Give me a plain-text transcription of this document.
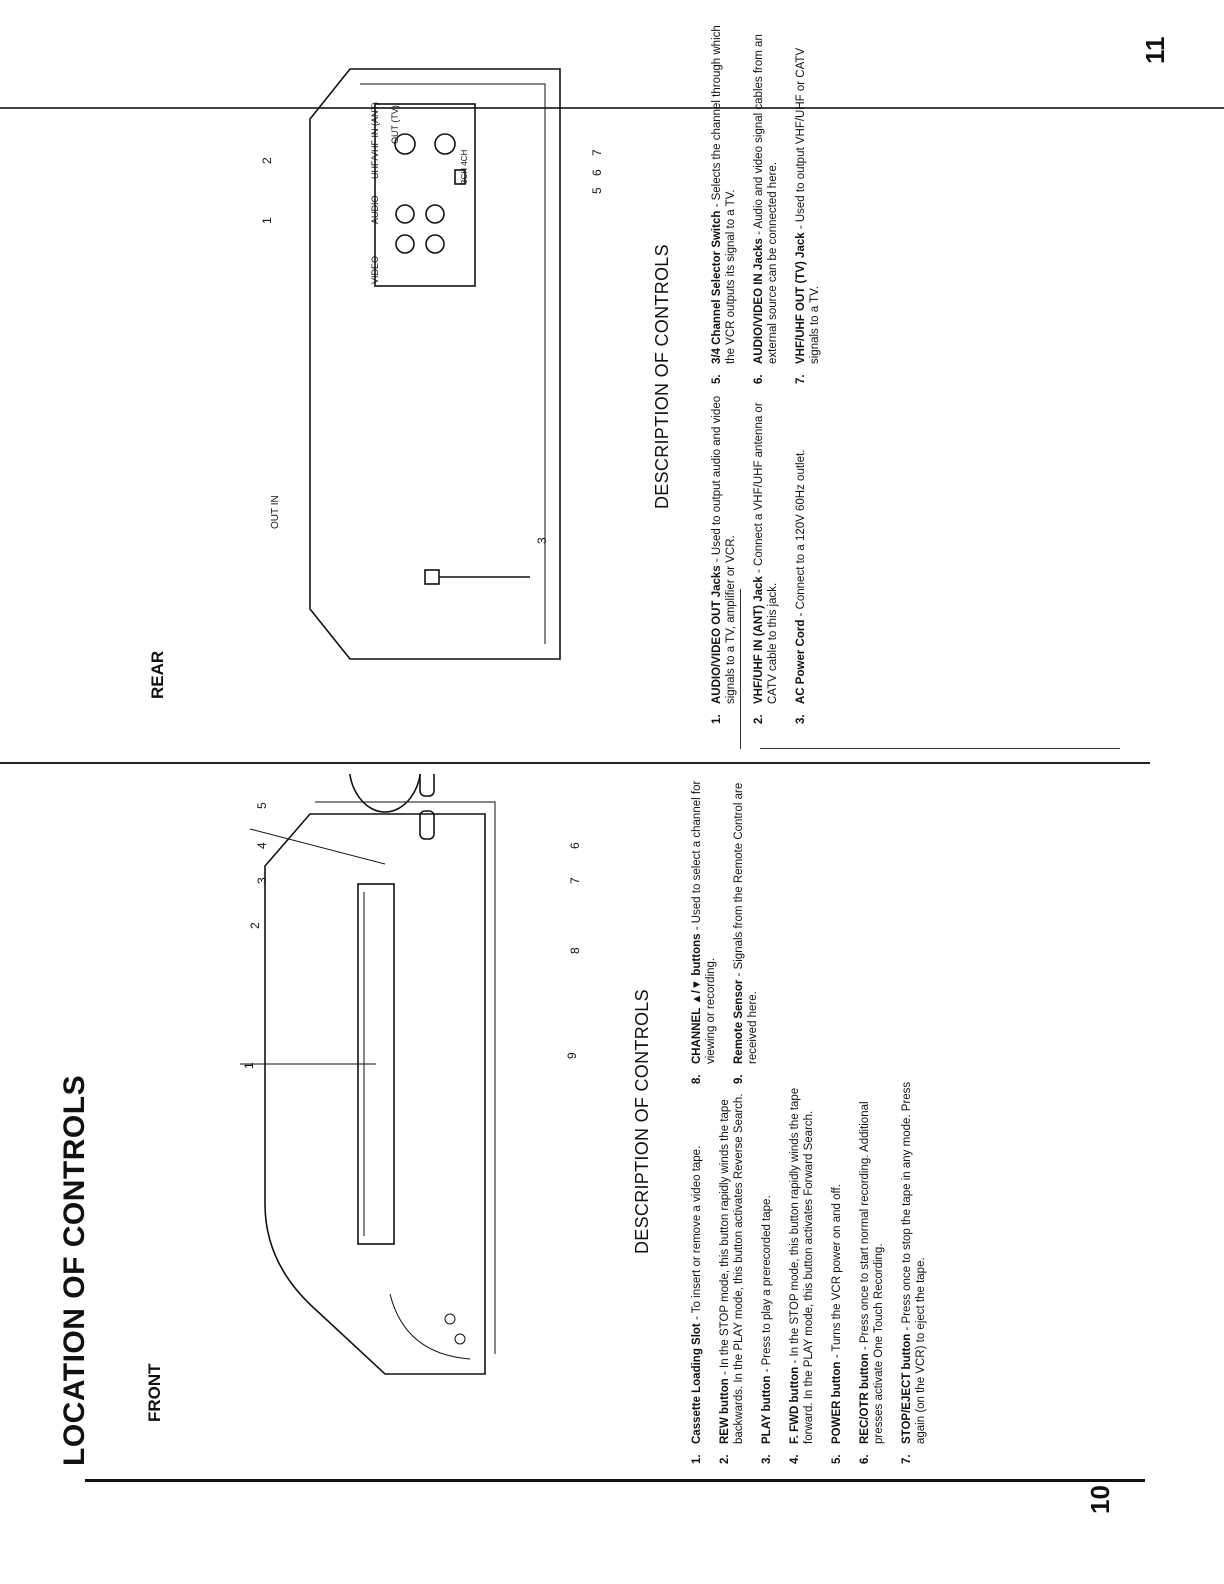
LOCATION OF CONTROLS	FRONT
1
2
3
4
5
6
7
8
9	DESCRIPTION OF CONTROLS
1.
Cassette Loading Slot - To insert or remove a video tape.
2.
REW button - In the STOP mode, this button rapidly winds the tape backwards. In the PLAY mode, this button activates Reverse Search.
3.
PLAY button - Press to play a prerecorded tape.
4.
F. FWD button - In the STOP mode, this button rapidly winds the tape forward. In the PLAY mode, this button activates Forward Search.
5.
POWER button - Turns the VCR power on and off.
6.
REC/OTR button - Press once to start normal recording. Additional presses activate One Touch Recording.
7.
STOP/EJECT button - Press once to stop the tape in any mode. Press again (on the VCR) to eject the tape.
8.
CHANNEL ▲/▼ buttons - Used to select a channel for viewing or recording.
9.
Remote Sensor - Signals from the Remote Control are received here.
10
REAR
OUT IN
VIDEO
AUDIO
UHF/VHF IN (ANT) OUT (TV)
3CH 4CH
1
2
3
5
6
7
DESCRIPTION OF CONTROLS
1.
AUDIO/VIDEO OUT Jacks - Used to output audio and video signals to a TV, amplifier or VCR.
2.
VHF/UHF IN (ANT) Jack - Connect a VHF/UHF antenna or CATV cable to this jack.
3.
AC Power Cord - Connect to a 120V 60Hz outlet.
5.
3/4 Channel Selector Switch - Selects the channel through which the VCR outputs its signal to a TV.
6.
AUDIO/VIDEO IN Jacks - Audio and video signal cables from an external source can be connected here.
7.
VHF/UHF OUT (TV) Jack - Used to output VHF/UHF or CATV signals to a TV.
11
